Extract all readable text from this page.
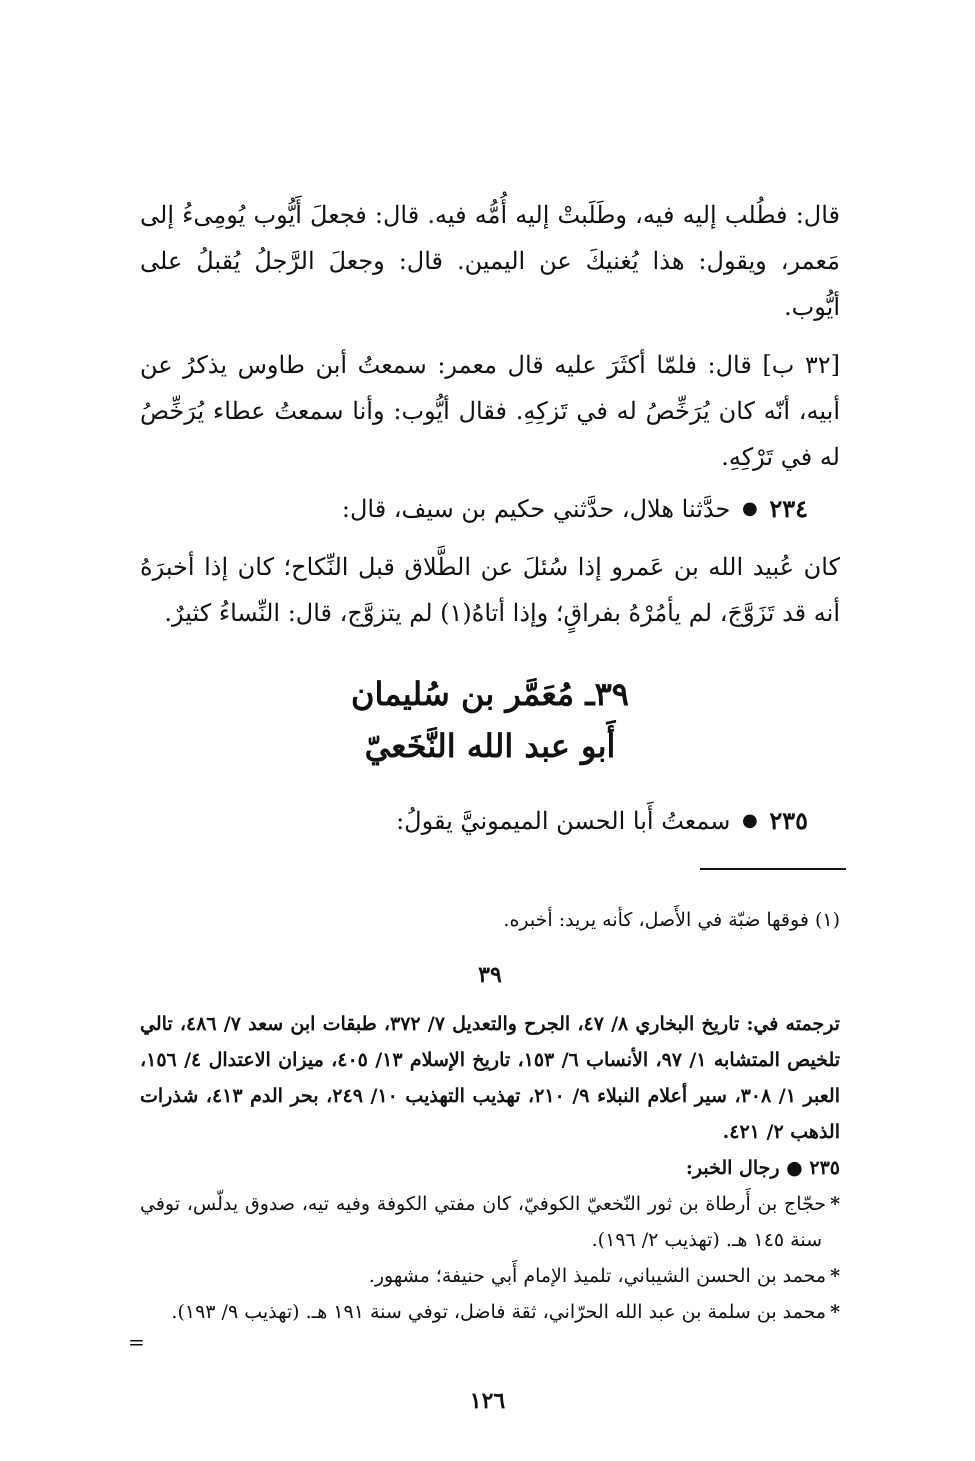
قال: فطُلب إليه فيه، وطَلَبتْ إليه أُمُّه فيه. قال: فجعلَ أَيُّوب يُومِىءُ إلى مَعمر، ويقول: هذا يُغنيكَ عن اليمين. قال: وجعلَ الرَّجلُ يُقبلُ على أيُّوب.

[٣٢ ب] قال: فلمّا أكثَرَ عليه قال معمر: سمعتُ أبن طاوس يذكرُ عن أبيه، أنّه كان يُرَخِّصُ له في تَزكِهِ. فقال أيُّوب: وأنا سمعتُ عطاء يُرَخِّصُ له في تَرْكِهِ.

٢٣٤ ● حدَّثنا هلال، حدَّثني حكيم بن سيف، قال:

كان عُبيد الله بن عَمرو إذا سُئلَ عن الطَّلاق قبل النِّكاح؛ كان إذا أخبرَهُ أنه قد تَزَوَّجَ، لم يأمُرْهُ بفراقٍ؛ وإذا أتاهُ(١) لم يتزوَّج، قال: النِّساءُ كثيرٌ.

٣٩ـ مُعَمَّر بن سُليمان
أَبو عبد الله النَّخَعيّ

٢٣٥ ● سمعتُ أَبا الحسن الميمونيَّ يقولُ:

(١) فوقها ضبّة في الأَصل، كأنه يريد: أخبره.
٣٩

ترجمته في: تاريخ البخاري ٨/ ٤٧، الجرح والتعديل ٧/ ٣٧٢، طبقات ابن سعد ٧/ ٤٨٦، تالي تلخيص المتشابه ١/ ٩٧، الأنساب ٦/ ١٥٣، تاريخ الإسلام ١٣/ ٤٠٥، ميزان الاعتدال ٤/ ١٥٦، العبر ١/ ٣٠٨، سير أعلام النبلاء ٩/ ٢١٠، تهذيب التهذيب ١٠/ ٢٤٩، بحر الدم ٤١٣، شذرات الذهب ٢/ ٤٢١.

٢٣٥ ● رجال الخبر:

*حجّاج بن أَرطاة بن ثور النّخعيّ الكوفيّ، كان مفتي الكوفة وفيه تيه، صدوق يدلّس، توفي سنة ١٤٥ هـ. (تهذيب ٢/ ١٩٦).

*محمد بن الحسن الشيباني، تلميذ الإمام أَبي حنيفة؛ مشهور.

*محمد بن سلمة بن عبد الله الحرّاني، ثقة فاضل، توفي سنة ١٩١ هـ. (تهذيب ٩/ ١٩٣).

=
١٢٦
